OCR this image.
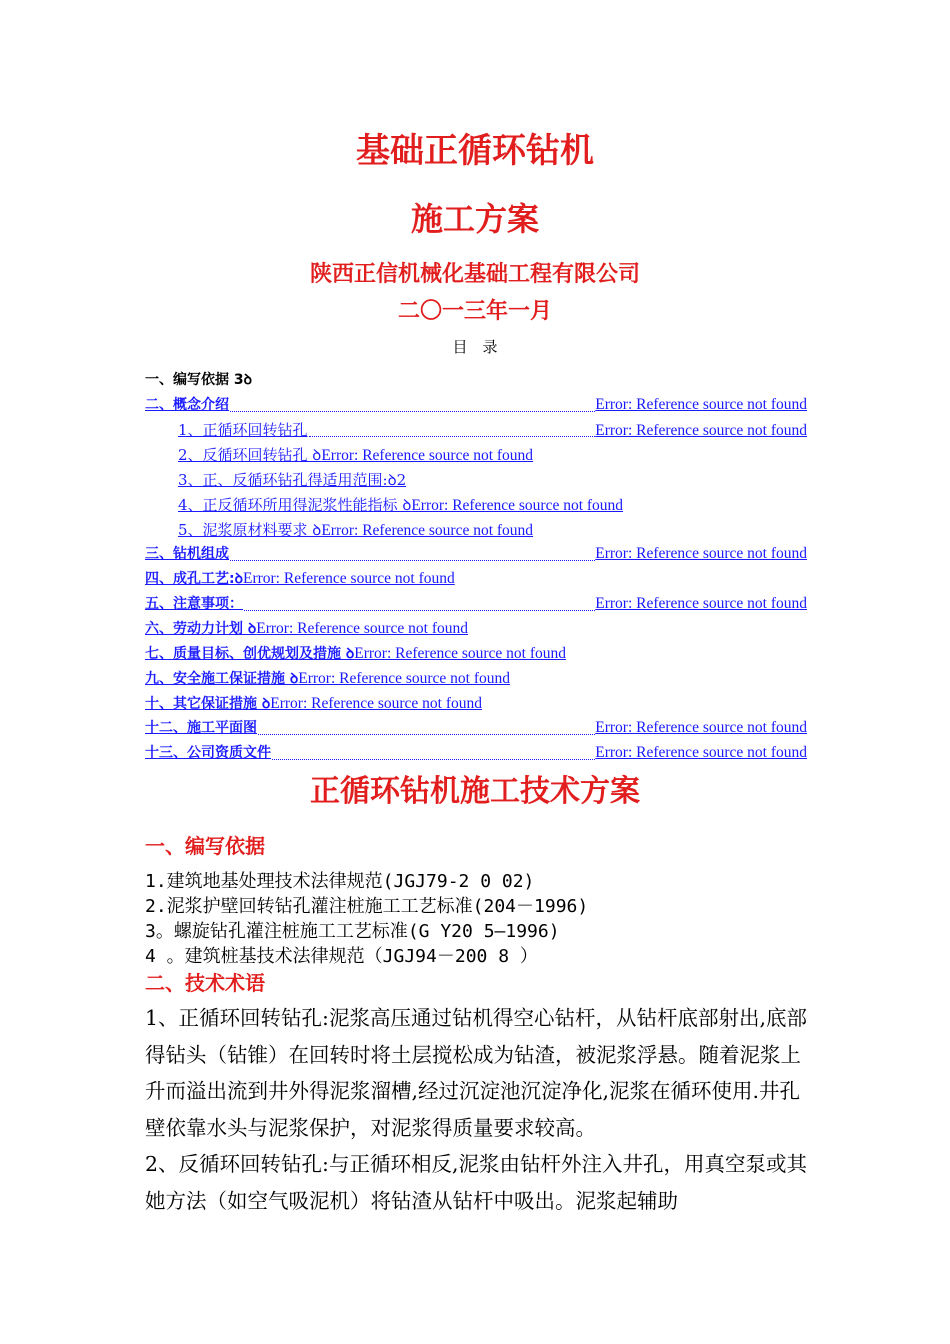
基础正循环钻机
施工方案
陕西正信机械化基础工程有限公司
二〇一三年一月
目　录
一、编写依据 3ꝺ
二、概念介绍	Error: Reference source not found
1、正循环回转钻孔	Error: Reference source not found
2、反循环回转钻孔 ꝺ Error: Reference source not found
3、正、反循环钻孔得适用范围:ꝺ2
4、正反循环所用得泥浆性能指标 ꝺ Error: Reference source not found
5、泥浆原材料要求 ꝺ Error: Reference source not found
三、钻机组成	Error: Reference source not found
四、成孔工艺:ꝺ Error: Reference source not found
五、注意事项：	Error: Reference source not found
六、劳动力计划 ꝺ Error: Reference source not found
七、质量目标、创优规划及措施 ꝺ Error: Reference source not found
九、安全施工保证措施 ꝺ Error: Reference source not found
十、其它保证措施 ꝺ Error: Reference source not found
十二、施工平面图	Error: Reference source not found
十三、公司资质文件	Error: Reference source not found
正循环钻机施工技术方案
一、编写依据
1.建筑地基处理技术法律规范(JGJ79-2 0 02)
2.泥浆护壁回转钻孔灌注桩施工工艺标准(204－1996)
3。螺旋钻孔灌注桩施工工艺标准(G Y20 5—1996)
4 。建筑桩基技术法律规范（JGJ94－200 8 ）
二、技术术语

1、正循环回转钻孔:泥浆高压通过钻机得空心钻杆，从钻杆底部射出,底部得钻头（钻锥）在回转时将土层搅松成为钻渣，被泥浆浮悬。随着泥浆上升而溢出流到井外得泥浆溜槽,经过沉淀池沉淀净化,泥浆在循环使用.井孔壁依靠水头与泥浆保护，对泥浆得质量要求较高。

2、反循环回转钻孔:与正循环相反,泥浆由钻杆外注入井孔，用真空泵或其她方法（如空气吸泥机）将钻渣从钻杆中吸出。泥浆起辅助
